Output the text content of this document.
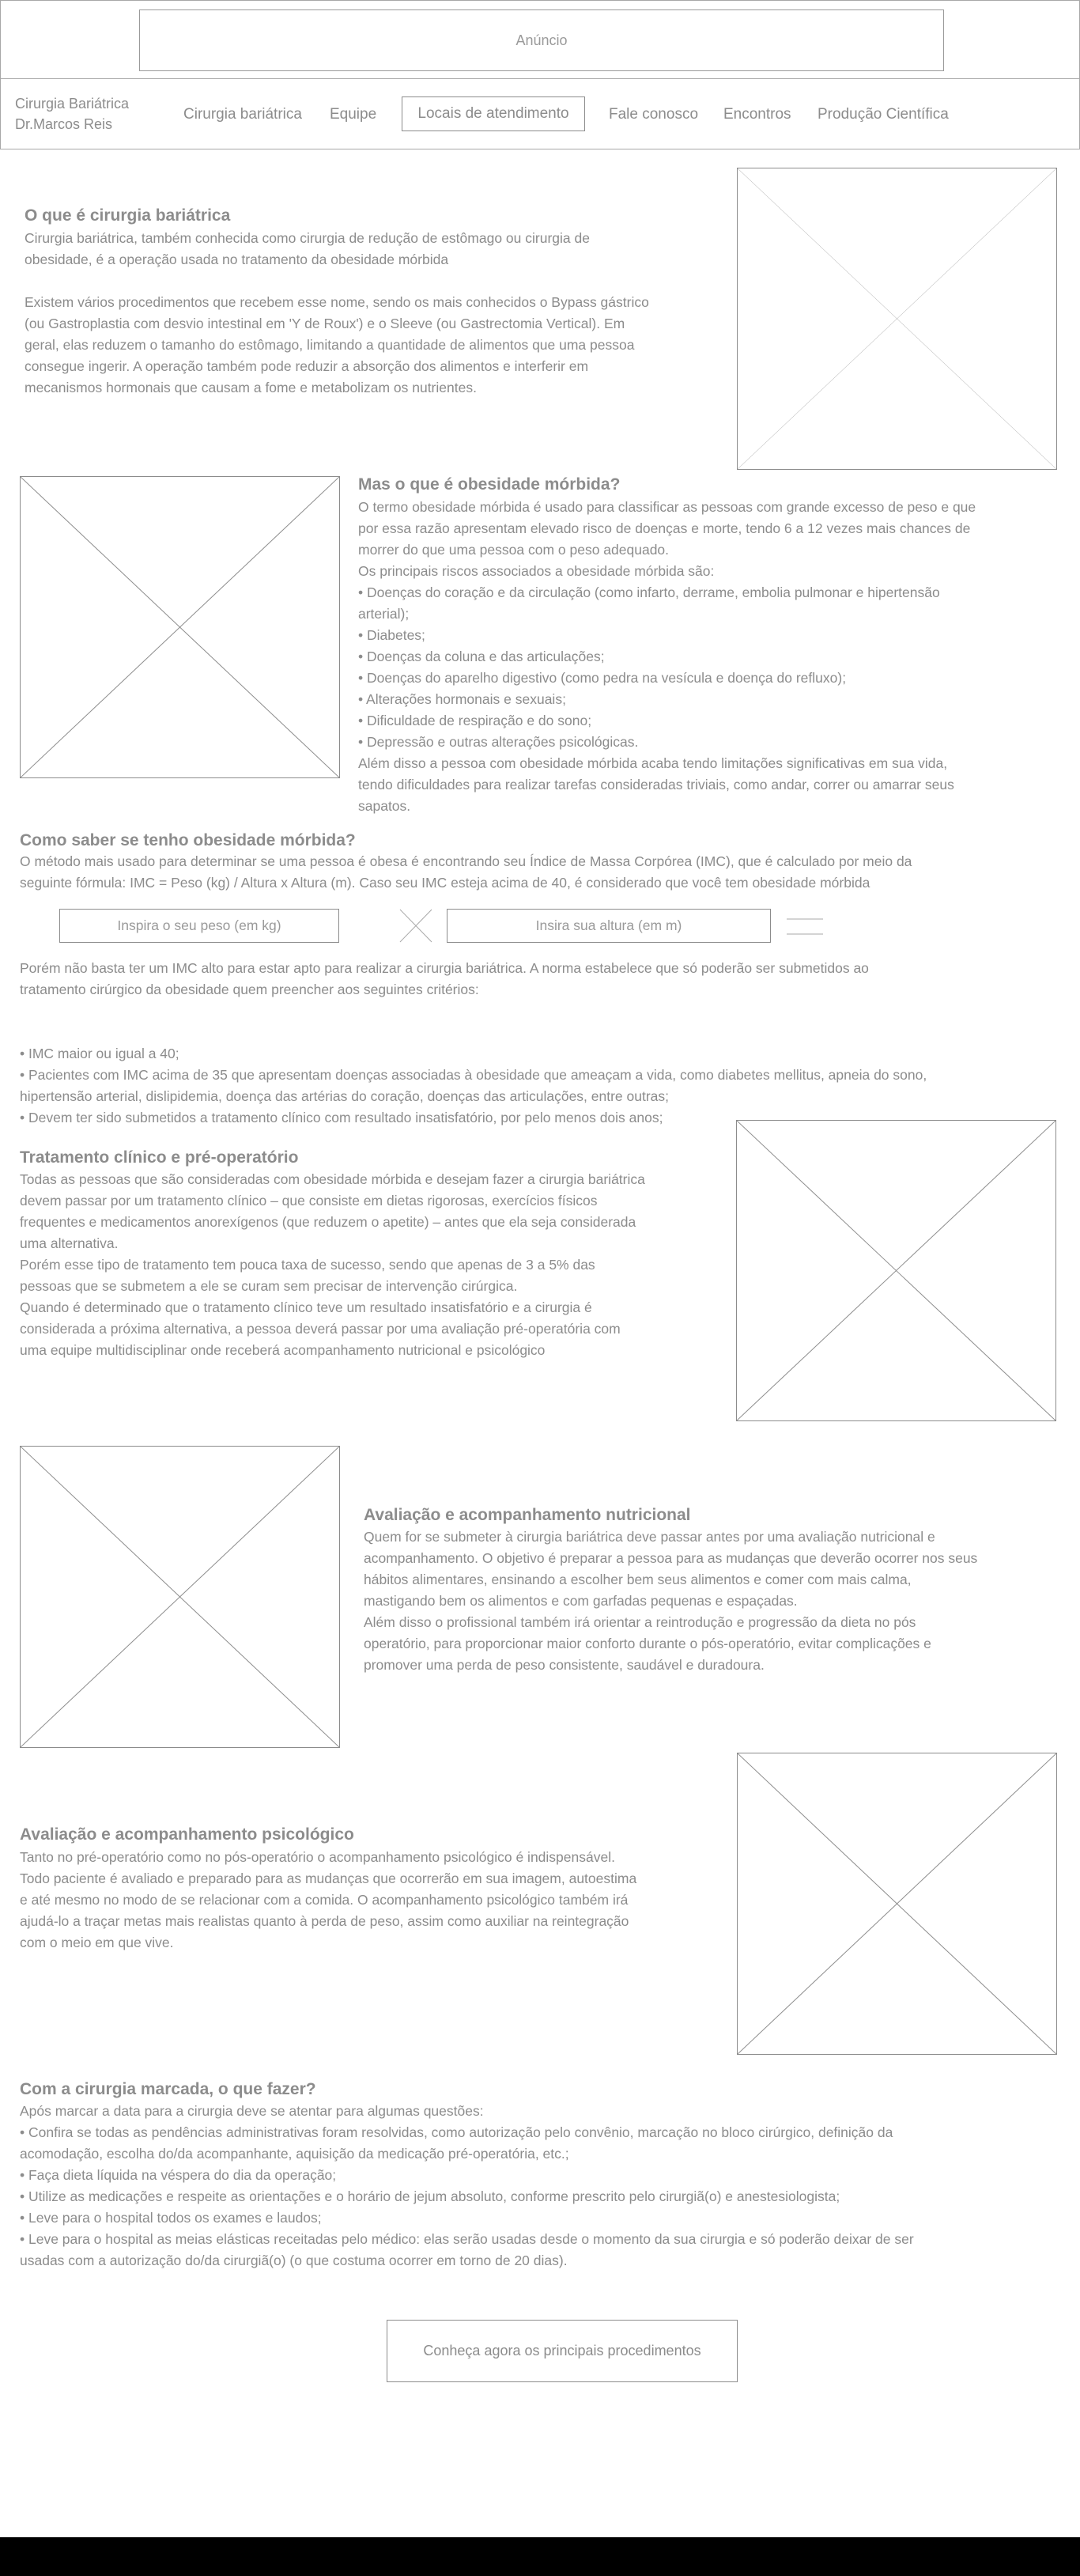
Anúncio
Cirurgia Bariátrica
Dr.Marcos Reis
Cirurgia bariátrica Equipe	Locais de atendimento	Fale conosco Encontros Produção Científica
O que é cirurgia bariátrica
Cirurgia bariátrica, também conhecida como cirurgia de redução de estômago ou cirurgia de
obesidade, é a operação usada no tratamento da obesidade mórbida

Existem vários procedimentos que recebem esse nome, sendo os mais conhecidos o Bypass gástrico
(ou Gastroplastia com desvio intestinal em 'Y de Roux') e o Sleeve (ou Gastrectomia Vertical). Em
geral, elas reduzem o tamanho do estômago, limitando a quantidade de alimentos que uma pessoa
consegue ingerir. A operação também pode reduzir a absorção dos alimentos e interferir em
mecanismos hormonais que causam a fome e metabolizam os nutrientes.
Mas o que é obesidade mórbida?
O termo obesidade mórbida é usado para classificar as pessoas com grande excesso de peso e que
por essa razão apresentam elevado risco de doenças e morte, tendo 6 a 12 vezes mais chances de
morrer do que uma pessoa com o peso adequado.
Os principais riscos associados a obesidade mórbida são:
• Doenças do coração e da circulação (como infarto, derrame, embolia pulmonar e hipertensão
arterial);
• Diabetes;
• Doenças da coluna e das articulações;
• Doenças do aparelho digestivo (como pedra na vesícula e doença do refluxo);
• Alterações hormonais e sexuais;
• Dificuldade de respiração e do sono;
• Depressão e outras alterações psicológicas.
Além disso a pessoa com obesidade mórbida acaba tendo limitações significativas em sua vida,
tendo dificuldades para realizar tarefas consideradas triviais, como andar, correr ou amarrar seus
sapatos.
Como saber se tenho obesidade mórbida?
O método mais usado para determinar se uma pessoa é obesa é encontrando seu Índice de Massa Corpórea (IMC), que é calculado por meio da
seguinte fórmula: IMC = Peso (kg) / Altura x Altura (m). Caso seu IMC esteja acima de 40, é considerado que você tem obesidade mórbida
Inspira o seu peso (em kg)	Insira sua altura (em m)
Porém não basta ter um IMC alto para estar apto para realizar a cirurgia bariátrica. A norma estabelece que só poderão ser submetidos ao
tratamento cirúrgico da obesidade quem preencher aos seguintes critérios:

• IMC maior ou igual a 40;
• Pacientes com IMC acima de 35 que apresentam doenças associadas à obesidade que ameaçam a vida, como diabetes mellitus, apneia do sono,
hipertensão arterial, dislipidemia, doença das artérias do coração, doenças das articulações, entre outras;
• Devem ter sido submetidos a tratamento clínico com resultado insatisfatório, por pelo menos dois anos;
Tratamento clínico e pré-operatório
Todas as pessoas que são consideradas com obesidade mórbida e desejam fazer a cirurgia bariátrica
devem passar por um tratamento clínico – que consiste em dietas rigorosas, exercícios físicos
frequentes e medicamentos anorexígenos (que reduzem o apetite) – antes que ela seja considerada
uma alternativa.
Porém esse tipo de tratamento tem pouca taxa de sucesso, sendo que apenas de 3 a 5% das
pessoas que se submetem a ele se curam sem precisar de intervenção cirúrgica.
Quando é determinado que o tratamento clínico teve um resultado insatisfatório e a cirurgia é
considerada a próxima alternativa, a pessoa deverá passar por uma avaliação pré-operatória com
uma equipe multidisciplinar onde receberá acompanhamento nutricional e psicológico
Avaliação e acompanhamento nutricional
Quem for se submeter à cirurgia bariátrica deve passar antes por uma avaliação nutricional e
acompanhamento. O objetivo é preparar a pessoa para as mudanças que deverão ocorrer nos seus
hábitos alimentares, ensinando a escolher bem seus alimentos e comer com mais calma,
mastigando bem os alimentos e com garfadas pequenas e espaçadas.
Além disso o profissional também irá orientar a reintrodução e progressão da dieta no pós
operatório, para proporcionar maior conforto durante o pós-operatório, evitar complicações e
promover uma perda de peso consistente, saudável e duradoura.
Avaliação e acompanhamento psicológico
Tanto no pré-operatório como no pós-operatório o acompanhamento psicológico é indispensável.
Todo paciente é avaliado e preparado para as mudanças que ocorrerão em sua imagem, autoestima
e até mesmo no modo de se relacionar com a comida. O acompanhamento psicológico também irá
ajudá-lo a traçar metas mais realistas quanto à perda de peso, assim como auxiliar na reintegração
com o meio em que vive.
Com a cirurgia marcada, o que fazer?
Após marcar a data para a cirurgia deve se atentar para algumas questões:
• Confira se todas as pendências administrativas foram resolvidas, como autorização pelo convênio, marcação no bloco cirúrgico, definição da
acomodação, escolha do/da acompanhante, aquisição da medicação pré-operatória, etc.;
• Faça dieta líquida na véspera do dia da operação;
• Utilize as medicações e respeite as orientações e o horário de jejum absoluto, conforme prescrito pelo cirurgiã(o) e anestesiologista;
• Leve para o hospital todos os exames e laudos;
• Leve para o hospital as meias elásticas receitadas pelo médico: elas serão usadas desde o momento da sua cirurgia e só poderão deixar de ser
usadas com a autorização do/da cirurgiã(o) (o que costuma ocorrer em torno de 20 dias).
Conheça agora os principais procedimentos
